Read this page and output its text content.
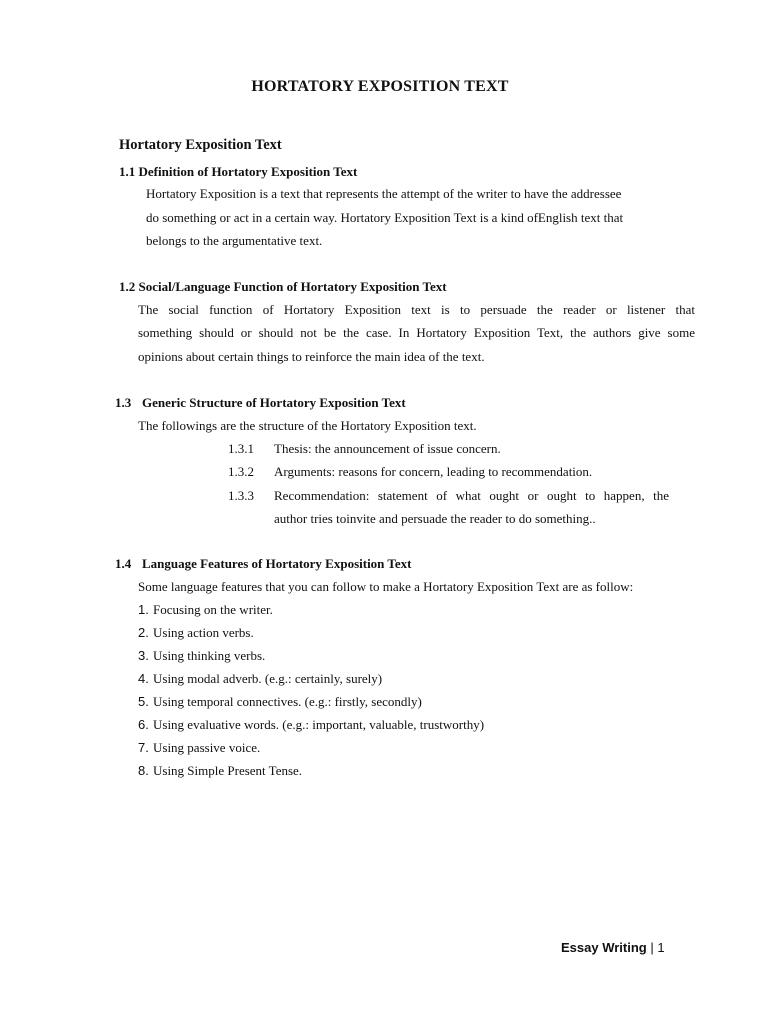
HORTATORY EXPOSITION TEXT
Hortatory Exposition Text
1.1 Definition of Hortatory Exposition Text
Hortatory Exposition is a text that represents the attempt of the writer to have the addressee
do something or act in a certain way. Hortatory Exposition Text is a kind ofEnglish text that
belongs to the argumentative text.
1.2 Social/Language Function of Hortatory Exposition Text
The social function of Hortatory Exposition text is to persuade the reader or listener that
something should or should not be the case. In Hortatory Exposition Text, the authors give some
opinions about certain things to reinforce the main idea of the text.
1.3 Generic Structure of Hortatory Exposition Text
The followings are the structure of the Hortatory Exposition text.
1.3.1 Thesis: the announcement of issue concern.
1.3.2 Arguments: reasons for concern, leading to recommendation.
1.3.3 Recommendation: statement of what ought or ought to happen, the
author tries toinvite and persuade the reader to do something..
1.4 Language Features of Hortatory Exposition Text
Some language features that you can follow to make a Hortatory Exposition Text are as follow:
1. Focusing on the writer.
2. Using action verbs.
3. Using thinking verbs.
4. Using modal adverb. (e.g.: certainly, surely)
5. Using temporal connectives. (e.g.: firstly, secondly)
6. Using evaluative words. (e.g.: important, valuable, trustworthy)
7. Using passive voice.
8. Using Simple Present Tense.
Essay Writing | 1
